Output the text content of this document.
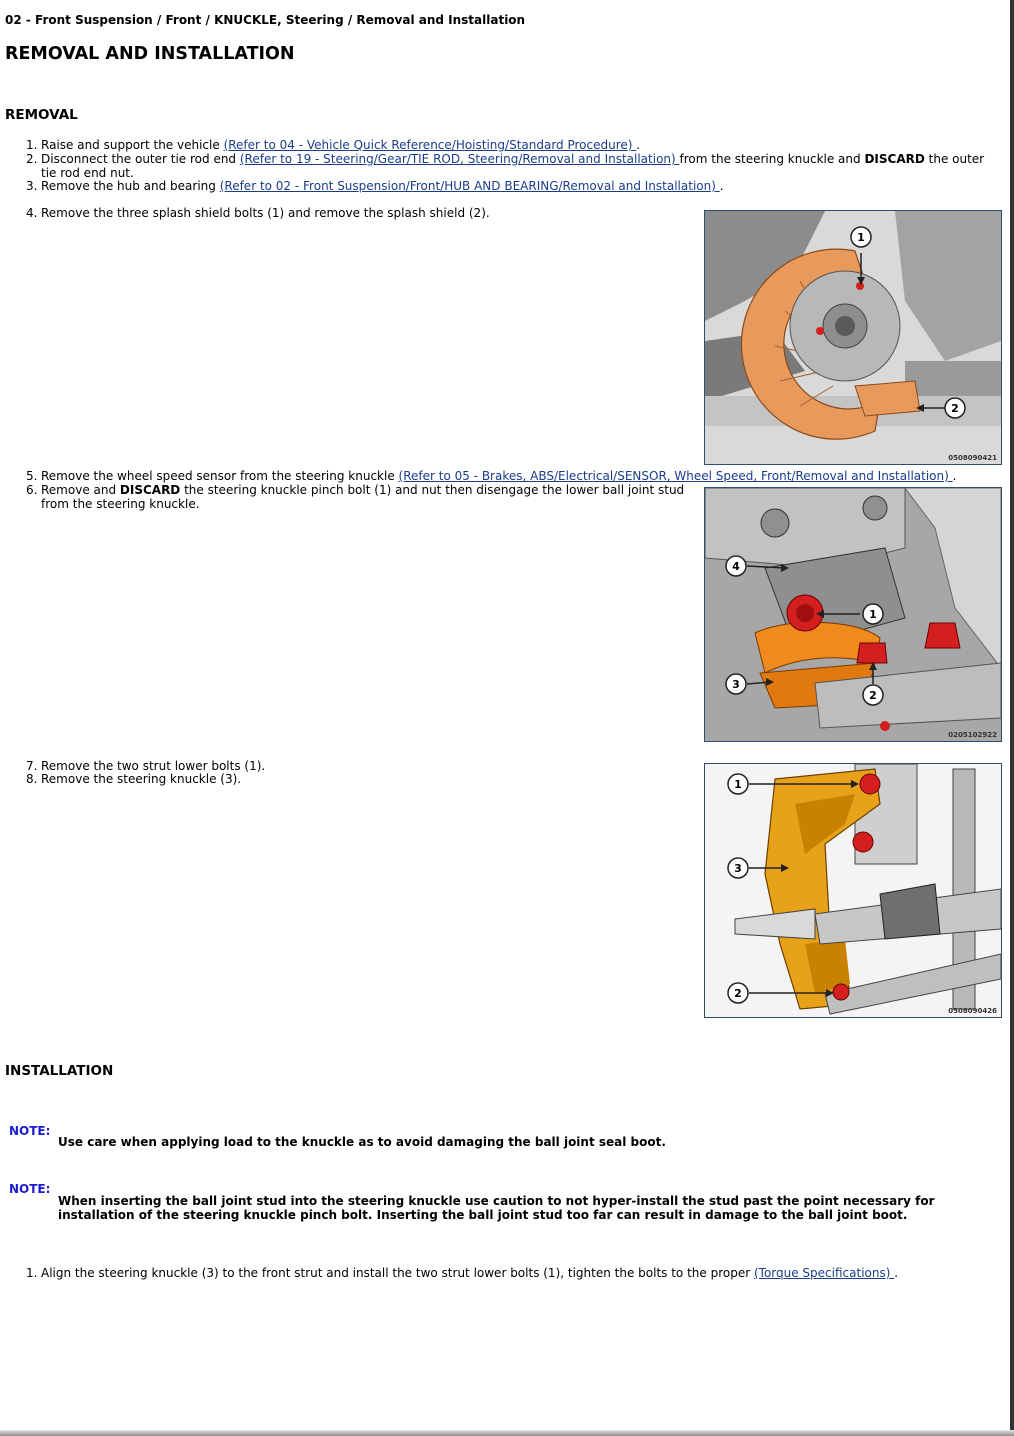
02 - Front Suspension / Front / KNUCKLE, Steering / Removal and Installation
REMOVAL AND INSTALLATION
REMOVAL
1. Raise and support the vehicle (Refer to 04 - Vehicle Quick Reference/Hoisting/Standard Procedure) .
2. Disconnect the outer tie rod end (Refer to 19 - Steering/Gear/TIE ROD, Steering/Removal and Installation) from the steering knuckle and DISCARD the outer
tie rod end nut.
3. Remove the hub and bearing (Refer to 02 - Front Suspension/Front/HUB AND BEARING/Removal and Installation) .
4. Remove the three splash shield bolts (1) and remove the splash shield (2).
1
2
0508090421
5. Remove the wheel speed sensor from the steering knuckle (Refer to 05 - Brakes, ABS/Electrical/SENSOR, Wheel Speed, Front/Removal and Installation) .
6. Remove and DISCARD the steering knuckle pinch bolt (1) and nut then disengage the lower ball joint stud
from the steering knuckle.
1
2
4
3
0205102922
7. Remove the two strut lower bolts (1).
8. Remove the steering knuckle (3).	1
3
2
0508090426
INSTALLATION
NOTE:
Use care when applying load to the knuckle as to avoid damaging the ball joint seal boot.
NOTE:
When inserting the ball joint stud into the steering knuckle use caution to not hyper-install the stud past the point necessary for
installation of the steering knuckle pinch bolt. Inserting the ball joint stud too far can result in damage to the ball joint boot.
1. Align the steering knuckle (3) to the front strut and install the two strut lower bolts (1), tighten the bolts to the proper (Torque Specifications) .
